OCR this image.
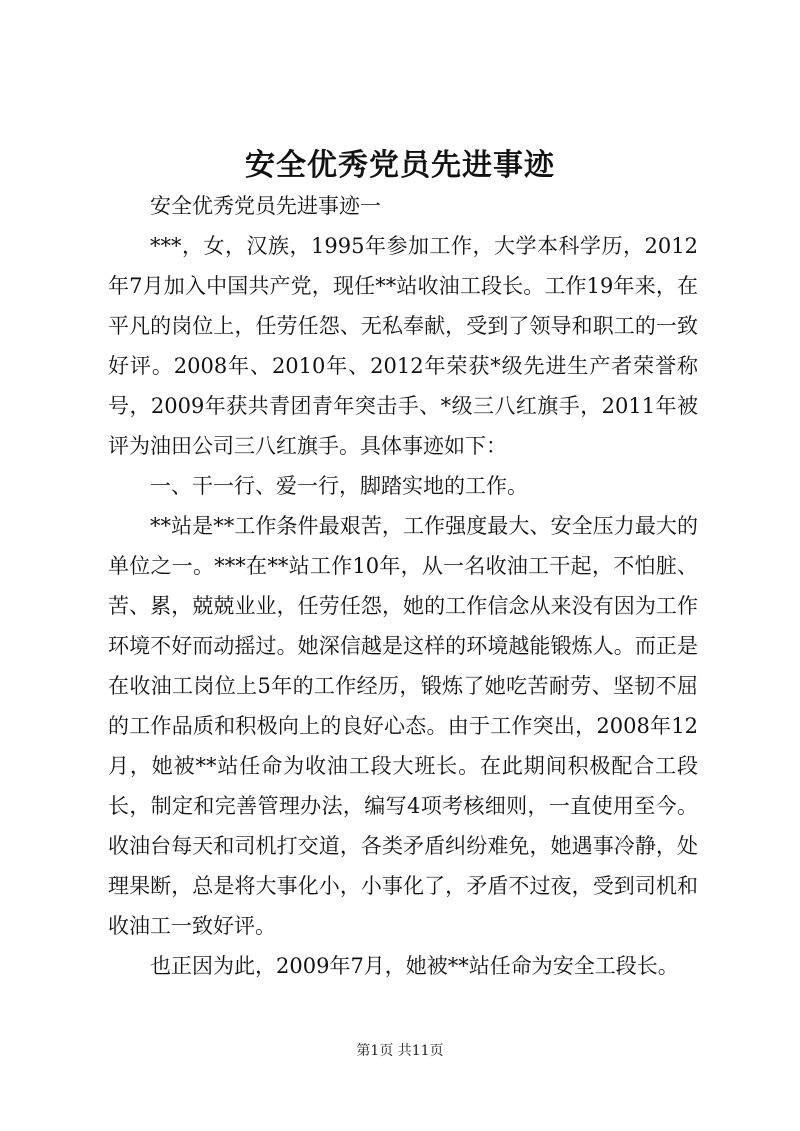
安全优秀党员先进事迹

安全优秀党员先进事迹一

***，女，汉族，1995年参加工作，大学本科学历，2012年7月加入中国共产党，现任**站收油工段长。工作19年来，在平凡的岗位上，任劳任怨、无私奉献，受到了领导和职工的一致好评。2008年、2010年、2012年荣获*级先进生产者荣誉称号，2009年获共青团青年突击手、*级三八红旗手，2011年被评为油田公司三八红旗手。具体事迹如下：

一、干一行、爱一行，脚踏实地的工作。

**站是**工作条件最艰苦，工作强度最大、安全压力最大的单位之一。***在**站工作10年，从一名收油工干起，不怕脏、苦、累，兢兢业业，任劳任怨，她的工作信念从来没有因为工作环境不好而动摇过。她深信越是这样的环境越能锻炼人。而正是在收油工岗位上5年的工作经历，锻炼了她吃苦耐劳、坚韧不屈的工作品质和积极向上的良好心态。由于工作突出，2008年12月，她被**站任命为收油工段大班长。在此期间积极配合工段长，制定和完善管理办法，编写4项考核细则，一直使用至今。收油台每天和司机打交道，各类矛盾纠纷难免，她遇事冷静，处理果断，总是将大事化小，小事化了，矛盾不过夜，受到司机和收油工一致好评。

也正因为此，2009年7月，她被**站任命为安全工段长。

第1页 共11页
